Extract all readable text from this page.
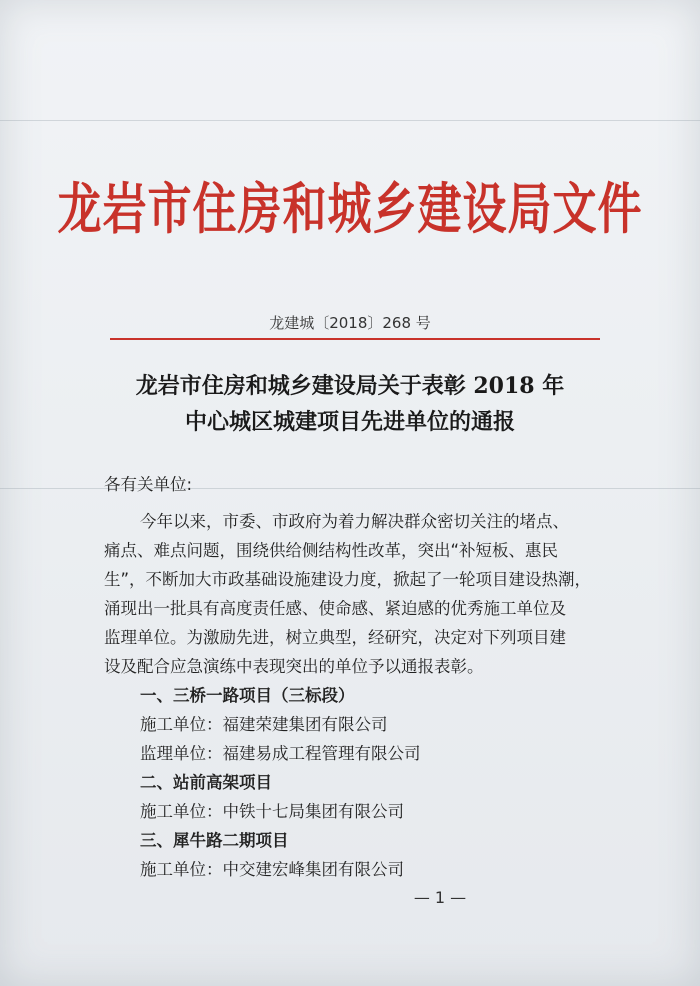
龙岩市住房和城乡建设局文件
龙建城〔2018〕268 号
龙岩市住房和城乡建设局关于表彰 2018 年
中心城区城建项目先进单位的通报
各有关单位:
今年以来，市委、市政府为着力解决群众密切关注的堵点、
痛点、难点问题，围绕供给侧结构性改革，突出“补短板、惠民
生”，不断加大市政基础设施建设力度，掀起了一轮项目建设热潮，
涌现出一批具有高度责任感、使命感、紧迫感的优秀施工单位及
监理单位。为激励先进，树立典型，经研究，决定对下列项目建
设及配合应急演练中表现突出的单位予以通报表彰。
一、三桥一路项目（三标段）
施工单位：福建荣建集团有限公司
监理单位：福建易成工程管理有限公司
二、站前高架项目
施工单位：中铁十七局集团有限公司
三、犀牛路二期项目
施工单位：中交建宏峰集团有限公司
— 1 —
